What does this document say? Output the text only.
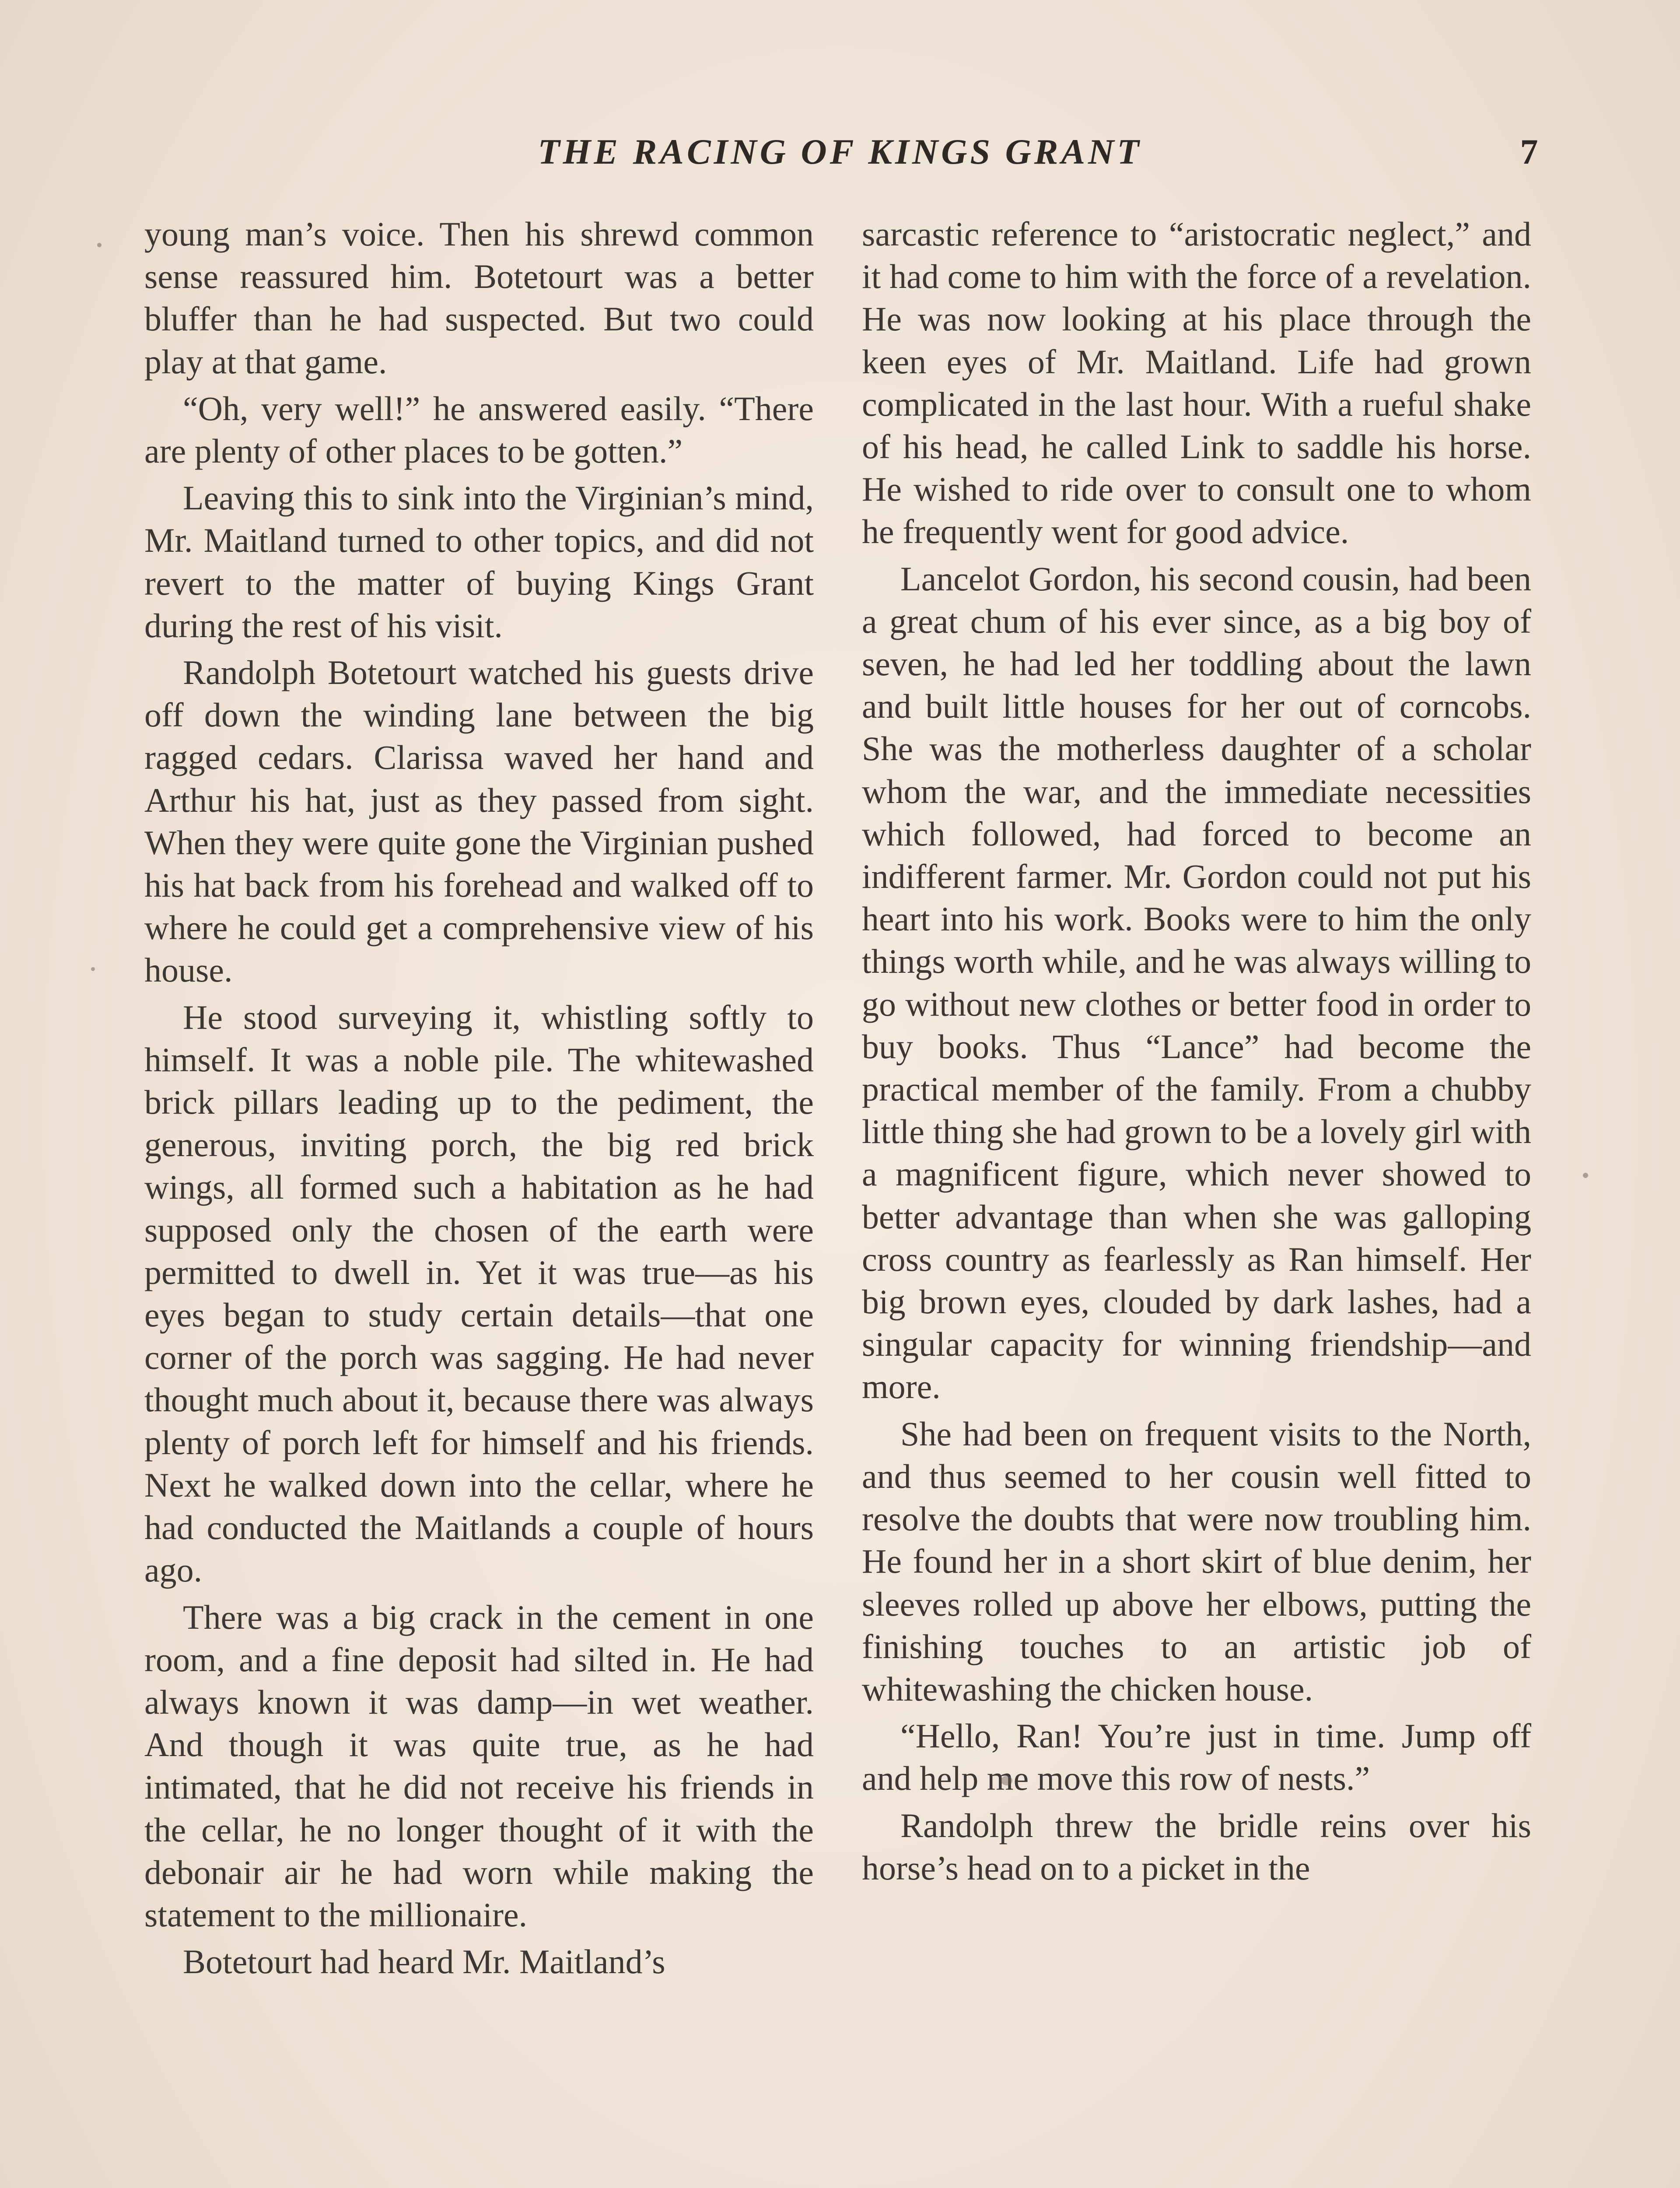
THE RACING OF KINGS GRANT	7

young man’s voice. Then his shrewd common sense reassured him. Botetourt was a better bluffer than he had suspected. But two could play at that game.

“Oh, very well!” he answered easily. “There are plenty of other places to be gotten.”

Leaving this to sink into the Virginian’s mind, Mr. Maitland turned to other topics, and did not revert to the matter of buying Kings Grant during the rest of his visit.

Randolph Botetourt watched his guests drive off down the winding lane between the big ragged cedars. Clarissa waved her hand and Arthur his hat, just as they passed from sight. When they were quite gone the Virginian pushed his hat back from his forehead and walked off to where he could get a comprehensive view of his house.

He stood surveying it, whistling softly to himself. It was a noble pile. The whitewashed brick pillars leading up to the pediment, the generous, inviting porch, the big red brick wings, all formed such a habitation as he had supposed only the chosen of the earth were permitted to dwell in. Yet it was true—as his eyes began to study certain details—that one corner of the porch was sagging. He had never thought much about it, because there was always plenty of porch left for himself and his friends. Next he walked down into the cellar, where he had conducted the Maitlands a couple of hours ago.

There was a big crack in the cement in one room, and a fine deposit had silted in. He had always known it was damp—in wet weather. And though it was quite true, as he had intimated, that he did not receive his friends in the cellar, he no longer thought of it with the debonair air he had worn while making the statement to the millionaire.

Botetourt had heard Mr. Maitland’s

sarcastic reference to “aristocratic neglect,” and it had come to him with the force of a revelation. He was now looking at his place through the keen eyes of Mr. Maitland. Life had grown complicated in the last hour. With a rueful shake of his head, he called Link to saddle his horse. He wished to ride over to consult one to whom he frequently went for good advice.

Lancelot Gordon, his second cousin, had been a great chum of his ever since, as a big boy of seven, he had led her toddling about the lawn and built little houses for her out of corncobs. She was the motherless daughter of a scholar whom the war, and the immediate necessities which followed, had forced to become an indifferent farmer. Mr. Gordon could not put his heart into his work. Books were to him the only things worth while, and he was always willing to go without new clothes or better food in order to buy books. Thus “Lance” had become the practical member of the family. From a chubby little thing she had grown to be a lovely girl with a magnificent figure, which never showed to better advantage than when she was galloping cross country as fearlessly as Ran himself. Her big brown eyes, clouded by dark lashes, had a singular capacity for winning friendship—and more.

She had been on frequent visits to the North, and thus seemed to her cousin well fitted to resolve the doubts that were now troubling him. He found her in a short skirt of blue denim, her sleeves rolled up above her elbows, putting the finishing touches to an artistic job of whitewashing the chicken house.

“Hello, Ran! You’re just in time. Jump off and help me move this row of nests.”

Randolph threw the bridle reins over his horse’s head on to a picket in the
